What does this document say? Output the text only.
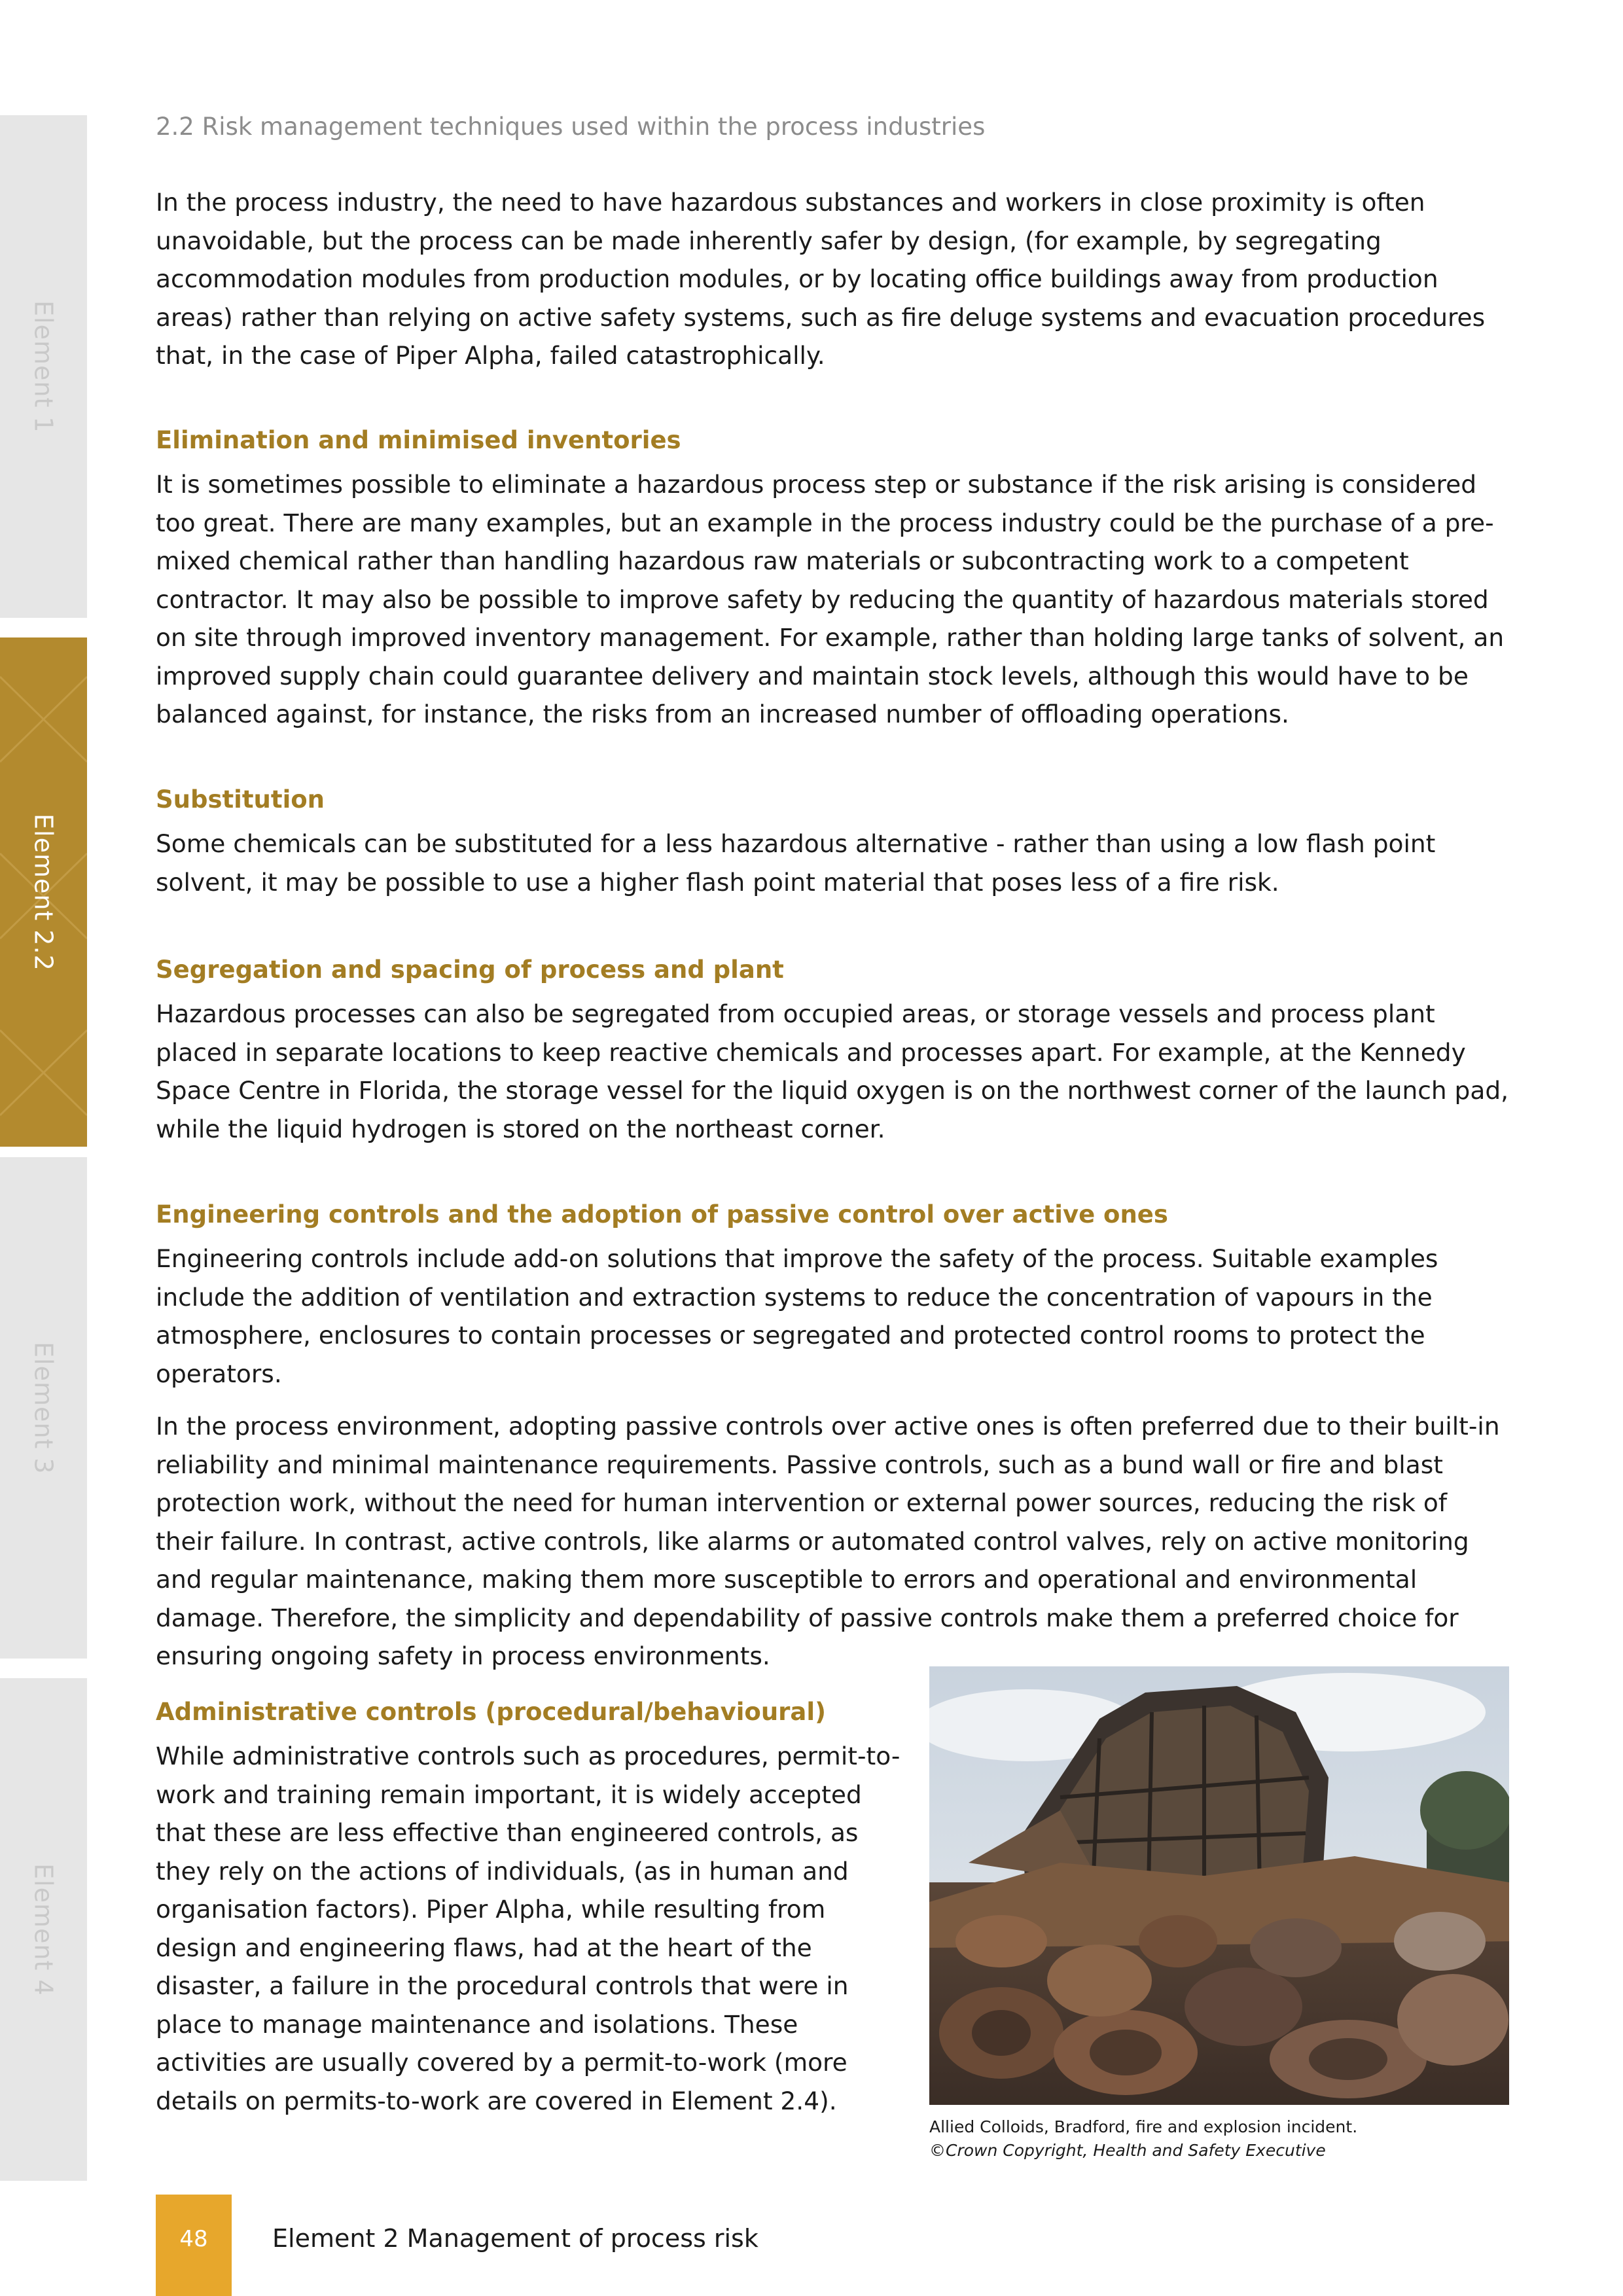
Element 1
Element 2.2
Element 3
Element 4
2.2 Risk management techniques used within the process industries

In the process industry, the need to have hazardous substances and workers in close proximity is often unavoidable, but the process can be made inherently safer by design, (for example, by segregating accommodation modules from production modules, or by locating office buildings away from production areas) rather than relying on active safety systems, such as fire deluge systems and evacuation procedures that, in the case of Piper Alpha, failed catastrophically.

Elimination and minimised inventories

It is sometimes possible to eliminate a hazardous process step or substance if the risk arising is considered too great. There are many examples, but an example in the process industry could be the purchase of a pre-mixed chemical rather than handling hazardous raw materials or subcontracting work to a competent contractor. It may also be possible to improve safety by reducing the quantity of hazardous materials stored on site through improved inventory management. For example, rather than holding large tanks of solvent, an improved supply chain could guarantee delivery and maintain stock levels, although this would have to be balanced against, for instance, the risks from an increased number of offloading operations.

Substitution

Some chemicals can be substituted for a less hazardous alternative - rather than using a low flash point solvent, it may be possible to use a higher flash point material that poses less of a fire risk.

Segregation and spacing of process and plant

Hazardous processes can also be segregated from occupied areas, or storage vessels and process plant placed in separate locations to keep reactive chemicals and processes apart. For example, at the Kennedy Space Centre in Florida, the storage vessel for the liquid oxygen is on the northwest corner of the launch pad, while the liquid hydrogen is stored on the northeast corner.

Engineering controls and the adoption of passive control over active ones

Engineering controls include add-on solutions that improve the safety of the process. Suitable examples include the addition of ventilation and extraction systems to reduce the concentration of vapours in the atmosphere, enclosures to contain processes or segregated and protected control rooms to protect the operators.

In the process environment, adopting passive controls over active ones is often preferred due to their built-in reliability and minimal maintenance requirements. Passive controls, such as a bund wall or fire and blast protection work, without the need for human intervention or external power sources, reducing the risk of their failure. In contrast, active controls, like alarms or automated control valves, rely on active monitoring and regular maintenance, making them more susceptible to errors and operational and environmental damage. Therefore, the simplicity and dependability of passive controls make them a preferred choice for ensuring ongoing safety in process environments.

Administrative controls (procedural/behavioural)

While administrative controls such as procedures, permit-to-work and training remain important, it is widely accepted that these are less effective than engineered controls, as they rely on the actions of individuals, (as in human and organisation factors). Piper Alpha, while resulting from design and engineering flaws, had at the heart of the disaster, a failure in the procedural controls that were in place to manage maintenance and isolations. These activities are usually covered by a permit-to-work (more details on permits-to-work are covered in Element 2.4).

Allied Colloids, Bradford, fire and explosion incident.
©Crown Copyright, Health and Safety Executive
48	Element 2 Management of process risk
